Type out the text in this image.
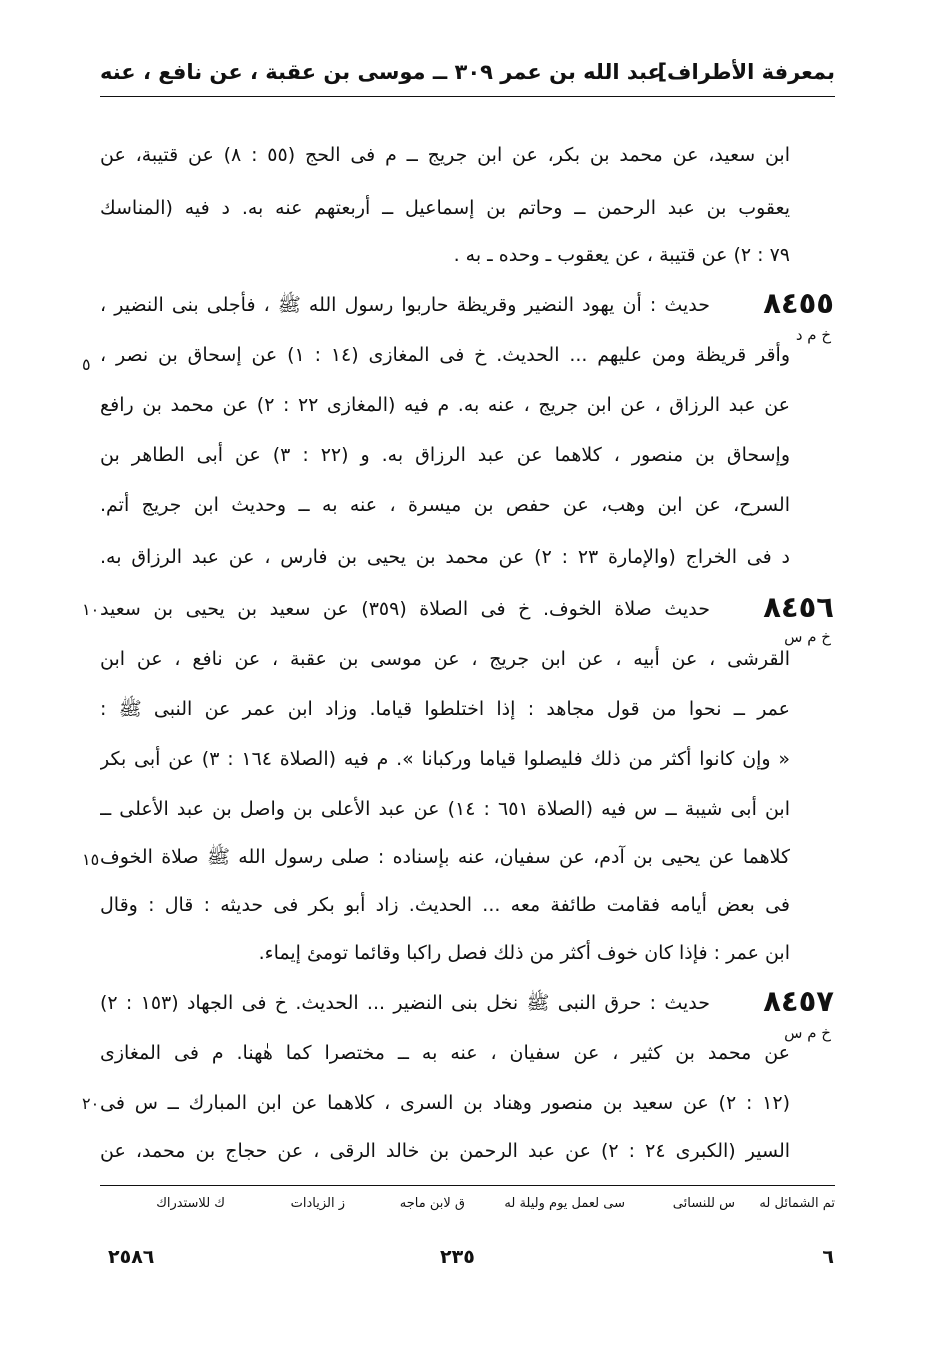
بمعرفة الأطراف]
عبد الله بن عمر ٣٠٩ ــ موسى بن عقبة ، عن نافع ، عنه
ابن سعيد، عن محمد بن بكر، عن ابن جريج ــ م فى الحج (٥٥ : ٨) عن قتيبة، عن
يعقوب بن عبد الرحمن ــ وحاتم بن إسماعيل ــ أربعتهم عنه به. د فيه (المناسك
٧٩ : ٢) عن قتيبة ، عن يعقوب ـ وحده ـ به .
٨٤٥٥
حديث : أن يهود النضير وقريظة حاربوا رسول الله ﷺ ، فأجلى بنى النضير ،
خ م د
وأقر قريظة ومن عليهم ... الحديث. خ فى المغازى (١٤ : ١) عن إسحاق بن نصر ،
٥
عن عبد الرزاق ، عن ابن جريج ، عنه به. م فيه (المغازى ٢٢ : ٢) عن محمد بن رافع
وإسحاق بن منصور ، كلاهما عن عبد الرزاق به. و (٢٢ : ٣) عن أبى الطاهر بن
السرح، عن ابن وهب، عن حفص بن ميسرة ، عنه به ــ وحديث ابن جريج أتم.
د فى الخراج (والإمارة ٢٣ : ٢) عن محمد بن يحيى بن فارس ، عن عبد الرزاق به.
٨٤٥٦
حديث صلاة الخوف. خ فى الصلاة (٣٥٩) عن سعيد بن يحيى بن سعيد
١٠
خ م س
القرشى ، عن أبيه ، عن ابن جريج ، عن موسى بن عقبة ، عن نافع ، عن ابن
عمر ــ نحوا من قول مجاهد : إذا اختلطوا قياما. وزاد ابن عمر عن النبى ﷺ :
« وإن كانوا أكثر من ذلك فليصلوا قياما وركبانا ». م فيه (الصلاة ١٦٤ : ٣) عن أبى بكر
ابن أبى شيبة ــ س فيه (الصلاة ٦٥١ : ١٤) عن عبد الأعلى بن واصل بن عبد الأعلى ــ
كلاهما عن يحيى بن آدم، عن سفيان، عنه بإسناده : صلى رسول الله ﷺ صلاة الخوف
١٥
فى بعض أيامه فقامت طائفة معه ... الحديث. زاد أبو بكر فى حديثه : قال : وقال
ابن عمر : فإذا كان خوف أكثر من ذلك فصل راكبا وقائما تومئ إيماء.
٨٤٥٧
حديث : حرق النبى ﷺ نخل بنى النضير ... الحديث. خ فى الجهاد (١٥٣ : ٢)
خ م س
عن محمد بن كثير ، عن سفيان ، عنه به ــ مختصرا كما هٰهنا. م فى المغازى
(١٢ : ٢) عن سعيد بن منصور وهناد بن السرى ، كلاهما عن ابن المبارك ــ س فى
٢٠
السير (الكبرى ٢٤ : ٢) عن عبد الرحمن بن خالد الرقى ، عن حجاج بن محمد، عن
تم الشمائل له
س للنسائى
سى لعمل يوم وليلة له
ق لابن ماجه
ز الزيادات
ك للاستدراك
٦
٢٣٥
٢٥٨٦
